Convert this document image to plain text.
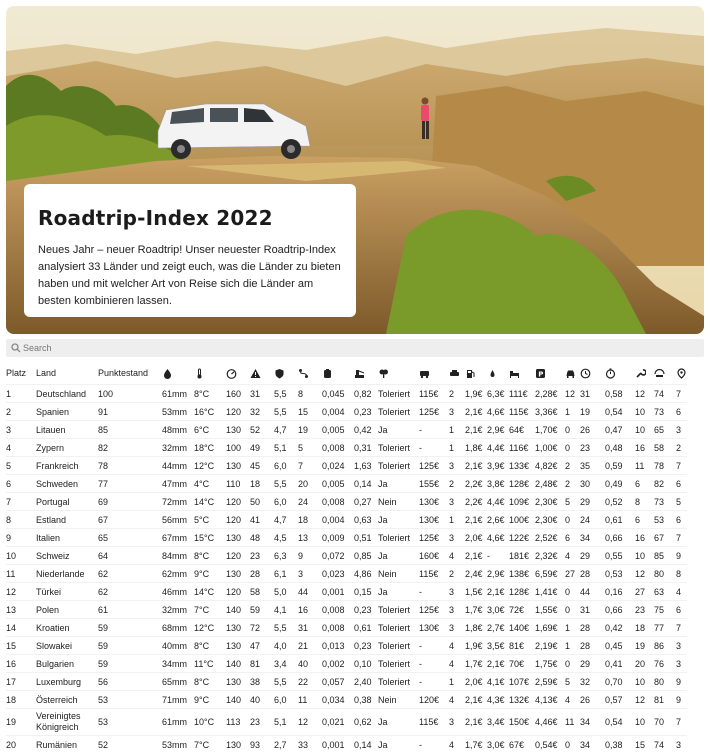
Roadtrip-Index 2022

Neues Jahr – neuer Roadtrip! Unser neuester Roadtrip-Index analysiert 33 Länder und zeigt euch, was die Länder zu bieten haben und mit welcher Art von Reise sich die Länder am besten kombinieren lassen.

Search
Platz	Land	Punktestand															P

1	Deutschland	100	61mm	8°C	160	31	5,5	8	0,045	0,82	Toleriert	115€	2	1,9€	6,3€	111€	2,28€	12	31	0,58	12	74	7
2	Spanien	91	53mm	16°C	120	32	5,5	15	0,004	0,23	Toleriert	125€	3	2,1€	4,6€	115€	3,36€	1	19	0,54	10	73	6
3	Litauen	85	48mm	6°C	130	52	4,7	19	0,005	0,42	Ja	-	1	2,1€	2,9€	64€	1,70€	0	26	0,47	10	65	3
4	Zypern	82	32mm	18°C	100	49	5,1	5	0,008	0,31	Toleriert	-	1	1,8€	4,4€	116€	1,00€	0	23	0,48	16	58	2
5	Frankreich	78	44mm	12°C	130	45	6,0	7	0,024	1,63	Toleriert	125€	3	2,1€	3,9€	133€	4,82€	2	35	0,59	11	78	7
6	Schweden	77	47mm	4°C	110	18	5,5	20	0,005	0,14	Ja	155€	2	2,2€	3,8€	128€	2,48€	2	30	0,49	6	82	6
7	Portugal	69	72mm	14°C	120	50	6,0	24	0,008	0,27	Nein	130€	3	2,2€	4,4€	109€	2,30€	5	29	0,52	8	73	5
8	Estland	67	56mm	5°C	120	41	4,7	18	0,004	0,63	Ja	130€	1	2,1€	2,6€	100€	2,30€	0	24	0,61	6	53	6
9	Italien	65	67mm	15°C	130	48	4,5	13	0,009	0,51	Toleriert	125€	3	2,0€	4,6€	122€	2,52€	6	34	0,66	16	67	7
10	Schweiz	64	84mm	8°C	120	23	6,3	9	0,072	0,85	Ja	160€	4	2,1€	-	181€	2,32€	4	29	0,55	10	85	9
11	Niederlande	62	62mm	9°C	130	28	6,1	3	0,023	4,86	Nein	115€	2	2,4€	2,9€	138€	6,59€	27	28	0,53	12	80	8
12	Türkei	62	46mm	14°C	120	58	5,0	44	0,001	0,15	Ja	-	3	1,5€	2,1€	128€	1,41€	0	44	0,16	27	63	4
13	Polen	61	32mm	7°C	140	59	4,1	16	0,008	0,23	Toleriert	125€	3	1,7€	3,0€	72€	1,55€	0	31	0,66	23	75	6
14	Kroatien	59	68mm	12°C	130	72	5,5	31	0,008	0,61	Toleriert	130€	3	1,8€	2,7€	140€	1,69€	1	28	0,42	18	77	7
15	Slowakei	59	40mm	8°C	130	47	4,0	21	0,013	0,23	Toleriert	-	4	1,9€	3,5€	81€	2,19€	1	28	0,45	19	86	3
16	Bulgarien	59	34mm	11°C	140	81	3,4	40	0,002	0,10	Toleriert	-	4	1,7€	2,1€	70€	1,75€	0	29	0,41	20	76	3
17	Luxemburg	56	65mm	8°C	130	38	5,5	22	0,057	2,40	Toleriert	-	1	2,0€	4,1€	107€	2,59€	5	32	0,70	10	80	9
18	Österreich	53	71mm	9°C	140	40	6,0	11	0,034	0,38	Nein	120€	4	2,1€	4,3€	132€	4,13€	4	26	0,57	12	81	9
19	Vereinigtes Königreich	53	61mm	10°C	113	23	5,1	12	0,021	0,62	Ja	115€	3	2,1€	3,4€	150€	4,46€	11	34	0,54	10	70	7
20	Rumänien	52	53mm	7°C	130	93	2,7	33	0,001	0,14	Ja	-	4	1,7€	3,0€	67€	0,54€	0	34	0,38	15	74	3
